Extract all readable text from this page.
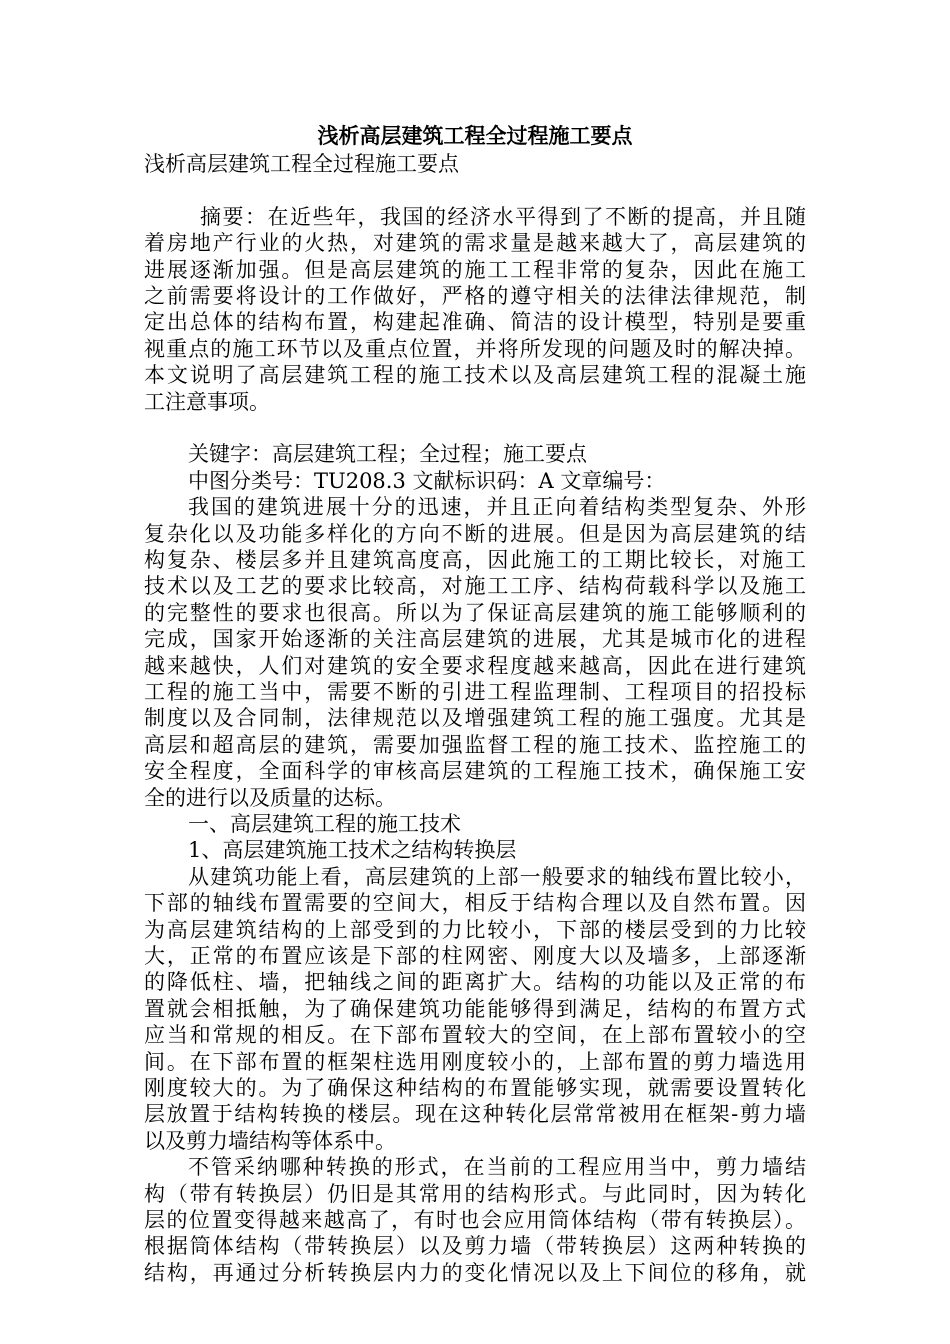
浅析高层建筑工程全过程施工要点
浅析高层建筑工程全过程施工要点
摘要：在近些年，我国的经济水平得到了不断的提高，并且随
着房地产行业的火热，对建筑的需求量是越来越大了，高层建筑的
进展逐渐加强。但是高层建筑的施工工程非常的复杂，因此在施工
之前需要将设计的工作做好，严格的遵守相关的法律法律规范，制
定出总体的结构布置，构建起准确、简洁的设计模型，特别是要重
视重点的施工环节以及重点位置，并将所发现的问题及时的解决掉。
本文说明了高层建筑工程的施工技术以及高层建筑工程的混凝土施
工注意事项。
关键字：高层建筑工程；全过程；施工要点
中图分类号：TU208.3 文献标识码：A 文章编号：
我国的建筑进展十分的迅速，并且正向着结构类型复杂、外形
复杂化以及功能多样化的方向不断的进展。但是因为高层建筑的结
构复杂、楼层多并且建筑高度高，因此施工的工期比较长，对施工
技术以及工艺的要求比较高，对施工工序、结构荷载科学以及施工
的完整性的要求也很高。所以为了保证高层建筑的施工能够顺利的
完成，国家开始逐渐的关注高层建筑的进展，尤其是城市化的进程
越来越快，人们对建筑的安全要求程度越来越高，因此在进行建筑
工程的施工当中，需要不断的引进工程监理制、工程项目的招投标
制度以及合同制，法律规范以及增强建筑工程的施工强度。尤其是
高层和超高层的建筑，需要加强监督工程的施工技术、监控施工的
安全程度，全面科学的审核高层建筑的工程施工技术，确保施工安
全的进行以及质量的达标。
一、高层建筑工程的施工技术
1、高层建筑施工技术之结构转换层
从建筑功能上看，高层建筑的上部一般要求的轴线布置比较小，
下部的轴线布置需要的空间大，相反于结构合理以及自然布置。因
为高层建筑结构的上部受到的力比较小，下部的楼层受到的力比较
大，正常的布置应该是下部的柱网密、刚度大以及墙多，上部逐渐
的降低柱、墙，把轴线之间的距离扩大。结构的功能以及正常的布
置就会相抵触，为了确保建筑功能能够得到满足，结构的布置方式
应当和常规的相反。在下部布置较大的空间，在上部布置较小的空
间。在下部布置的框架柱选用刚度较小的，上部布置的剪力墙选用
刚度较大的。为了确保这种结构的布置能够实现，就需要设置转化
层放置于结构转换的楼层。现在这种转化层常常被用在框架-剪力墙
以及剪力墙结构等体系中。
不管采纳哪种转换的形式，在当前的工程应用当中，剪力墙结
构（带有转换层）仍旧是其常用的结构形式。与此同时，因为转化
层的位置变得越来越高了，有时也会应用筒体结构（带有转换层）。
根据筒体结构（带转换层）以及剪力墙（带转换层）这两种转换的
结构，再通过分析转换层内力的变化情况以及上下间位的移角，就
